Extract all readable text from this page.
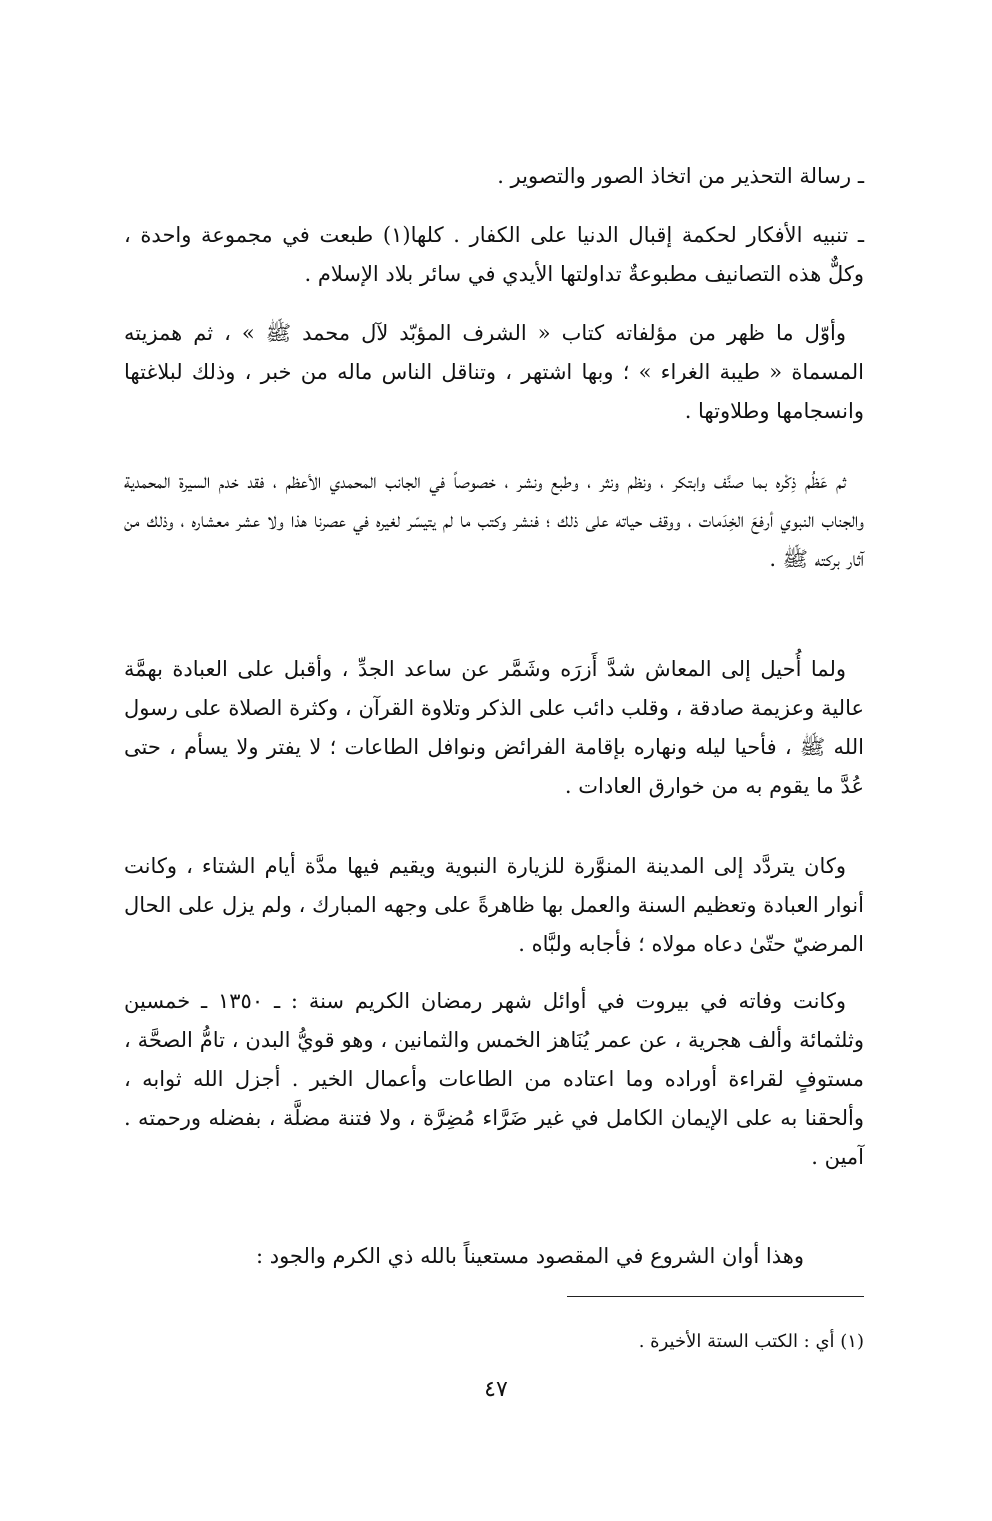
ـ رسالة التحذير من اتخاذ الصور والتصوير .

ـ تنبيه الأفكار لحكمة إقبال الدنيا على الكفار . كلها(١) طبعت في مجموعة واحدة ، وكلٌّ هذه التصانيف مطبوعةٌ تداولتها الأيدي في سائر بلاد الإسلام .

وأوّل ما ظهر من مؤلفاته كتاب « الشرف المؤبّد لآل محمد ﷺ » ، ثم همزيته المسماة « طيبة الغراء » ؛ وبها اشتهر ، وتناقل الناس ماله من خبر ، وذلك لبلاغتها وانسجامها وطلاوتها .

ثم عَظُم ذِكْره بما صنَّف وابتكر ، ونظم ونثر ، وطبع ونشر ، خصوصاً في الجانب المحمدي الأعظم ، فقد خدم السيرة المحمدية والجناب النبوي أرفعَ الخِدَمات ، ووقف حياته على ذلك ؛ فنشر وكتب ما لم يتيسّر لغيره في عصرنا هذا ولا عشر معشاره ، وذلك من آثار بركته ﷺ .

ولما أُحيل إلى المعاش شدَّ أَزرَه وشَمَّر عن ساعد الجدِّ ، وأقبل على العبادة بهمَّة عالية وعزيمة صادقة ، وقلب دائب على الذكر وتلاوة القرآن ، وكثرة الصلاة على رسول الله ﷺ ، فأحيا ليله ونهاره بإقامة الفرائض ونوافل الطاعات ؛ لا يفتر ولا يسأم ، حتى عُدَّ ما يقوم به من خوارق العادات .

وكان يتردَّد إلى المدينة المنوَّرة للزيارة النبوية ويقيم فيها مدَّة أيام الشتاء ، وكانت أنوار العبادة وتعظيم السنة والعمل بها ظاهرةً على وجهه المبارك ، ولم يزل على الحال المرضيّ حتّىٰ دعاه مولاه ؛ فأجابه ولبَّاه .

وكانت وفاته في بيروت في أوائل شهر رمضان الكريم سنة : ـ ١٣٥٠ ـ خمسين وثلثمائة وألف هجرية ، عن عمر يُنَاهز الخمس والثمانين ، وهو قويُّ البدن ، تامُّ الصحَّة ، مستوفٍ لقراءة أوراده وما اعتاده من الطاعات وأعمال الخير . أجزل الله ثوابه ، وألحقنا به على الإيمان الكامل في غير ضَرَّاء مُضِرَّة ، ولا فتنة مضلَّة ، بفضله ورحمته . آمين .

وهذا أوان الشروع في المقصود مستعيناً بالله ذي الكرم والجود :

(١) أي : الكتب الستة الأخيرة .
٤٧
